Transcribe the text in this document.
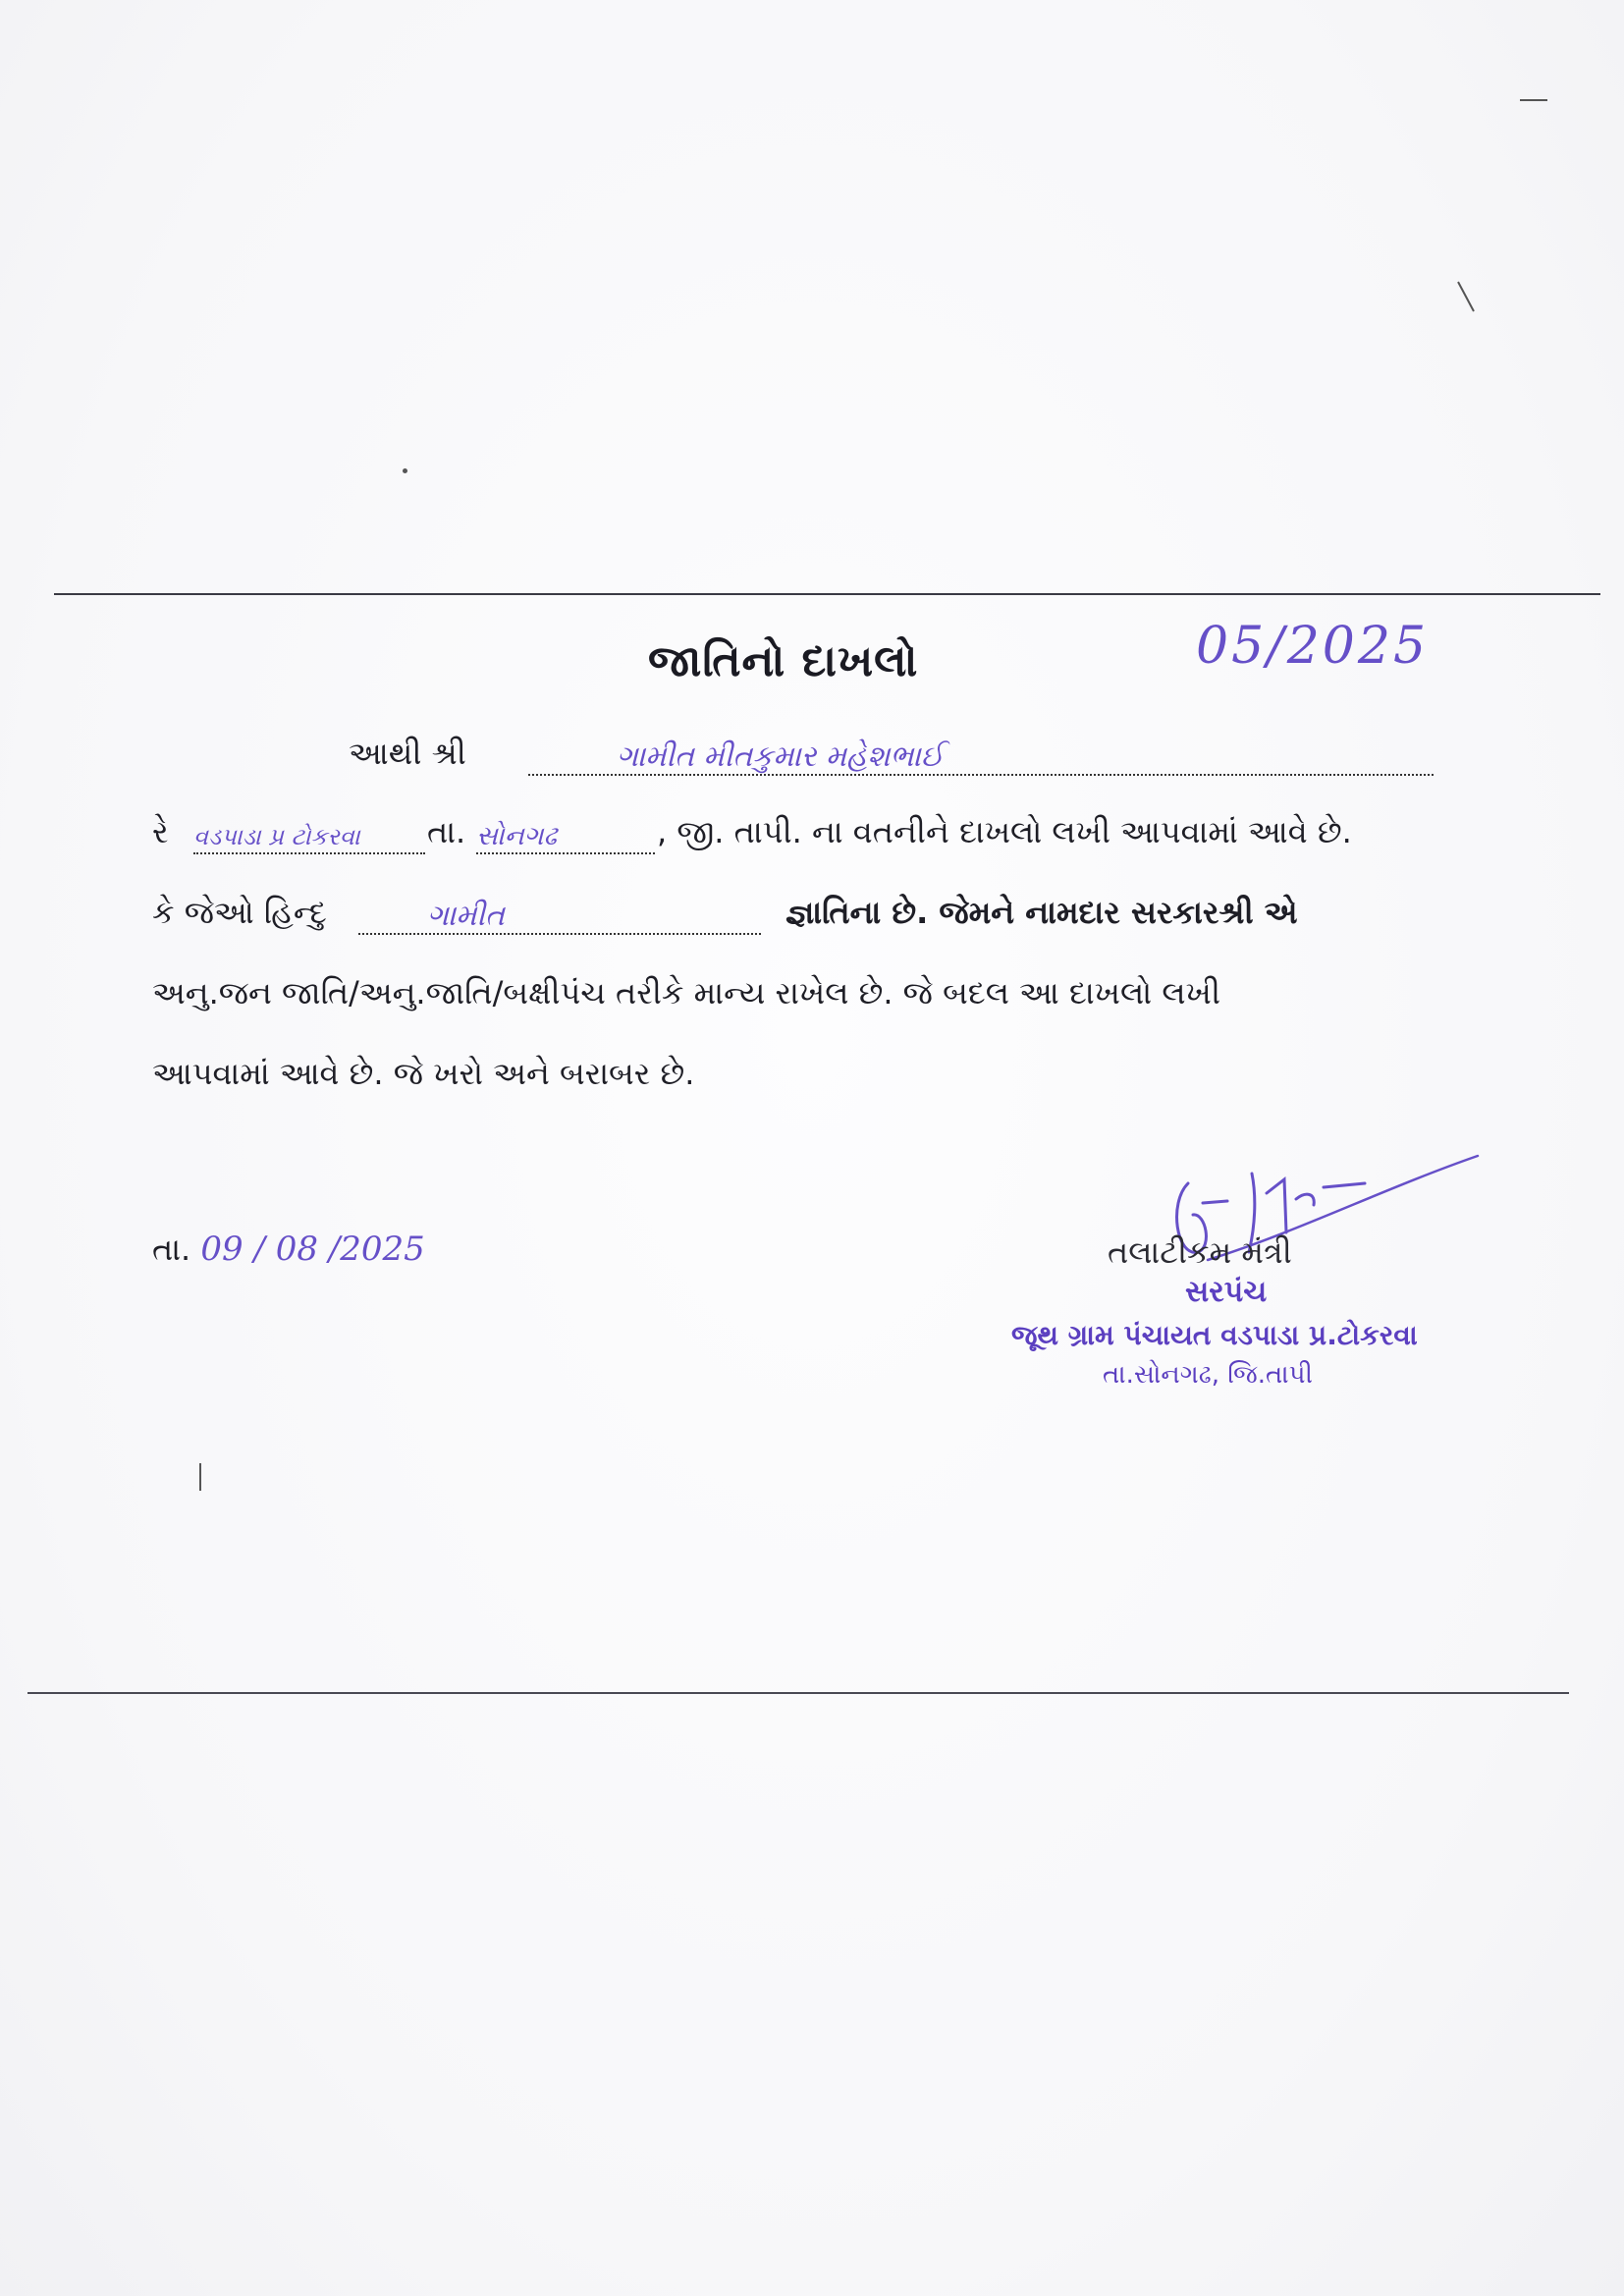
જાતિનો દાખલો	05/2025
આથી શ્રી	ગામીત મીતકુમાર મહેશભાઈ
રે વડપાડા પ્ર ટોકરવા	તા. સોનગઢ	, જી. તાપી. ના વતનીને દાખલો લખી આપવામાં આવે છે.
કે જેઓ હિન્દુ	ગામીત	જ્ઞાતિના છે. જેમને નામદાર સરકારશ્રી એ
અનુ.જન જાતિ/અનુ.જાતિ/બક્ષીપંચ તરીકે માન્ય રાખેલ છે. જે બદલ આ દાખલો લખી
આપવામાં આવે છે. જે ખરો અને બરાબર છે.
તા. 09 / 08 /2025	તલાટીકમ મંત્રી
સરપંચ
જૂથ ગ્રામ પંચાયત વડપાડા પ્ર.ટોકરવા
તા.સોનગઢ, જિ.તાપી
